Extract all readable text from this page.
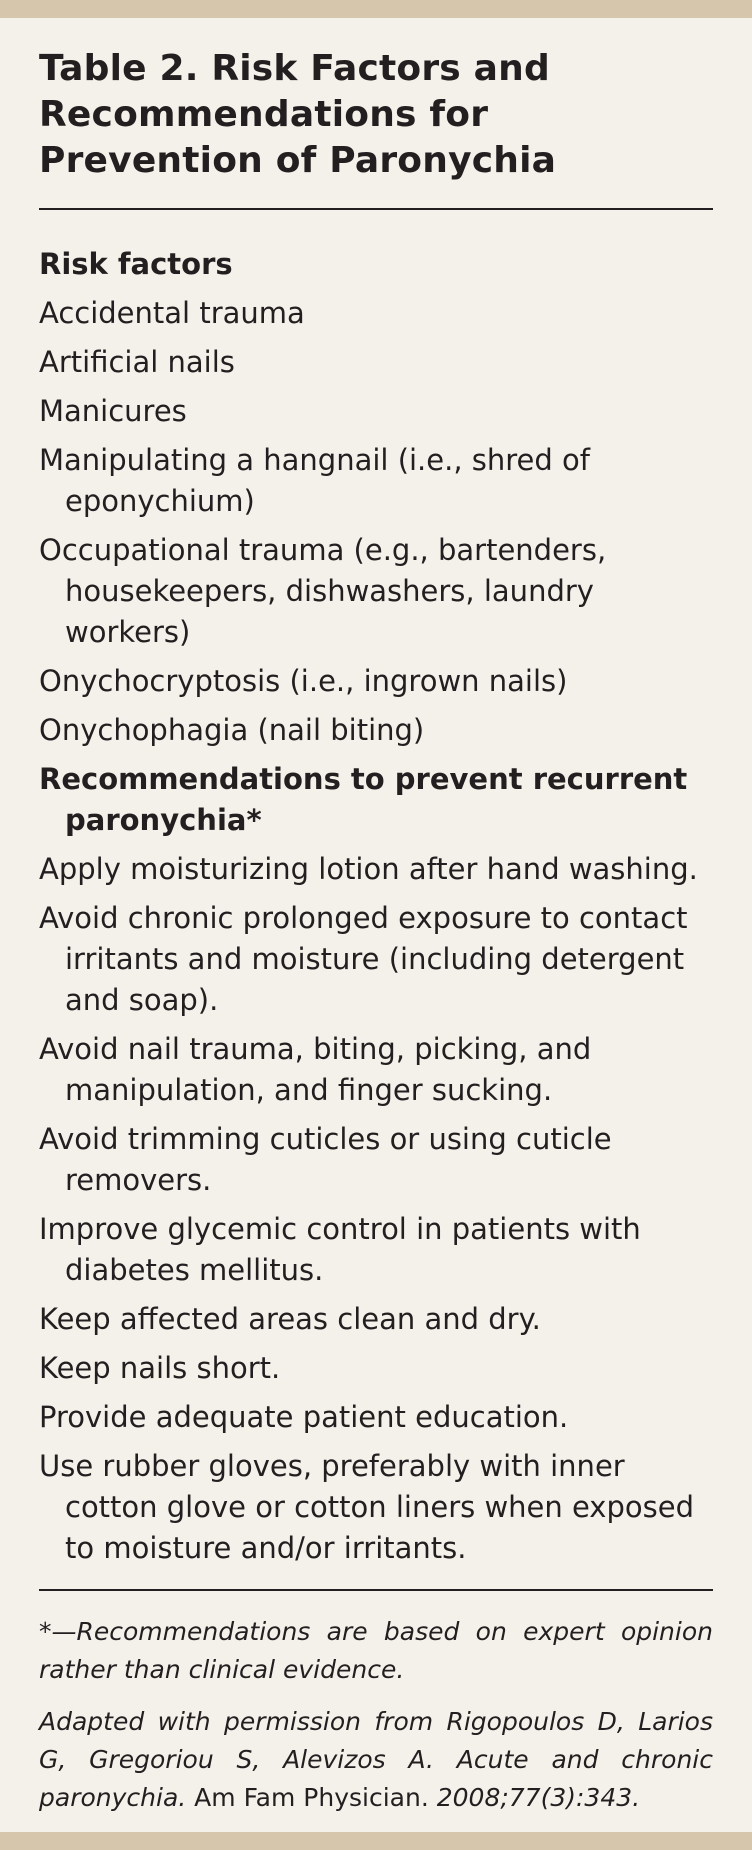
Table 2. Risk Factors and Recommendations for Prevention of Paronychia
Risk factors
Accidental trauma
Artificial nails
Manicures
Manipulating a hangnail (i.e., shred of eponychium)
Occupational trauma (e.g., bartenders, housekeepers, dishwashers, laundry workers)
Onychocryptosis (i.e., ingrown nails)
Onychophagia (nail biting)
Recommendations to prevent recurrent paronychia*
Apply moisturizing lotion after hand washing.
Avoid chronic prolonged exposure to contact irritants and moisture (including detergent and soap).
Avoid nail trauma, biting, picking, and manipulation, and finger sucking.
Avoid trimming cuticles or using cuticle removers.
Improve glycemic control in patients with diabetes mellitus.
Keep affected areas clean and dry.
Keep nails short.
Provide adequate patient education.
Use rubber gloves, preferably with inner cotton glove or cotton liners when exposed to moisture and/or irritants.
*—Recommendations are based on expert opinion rather than clinical evidence.
Adapted with permission from Rigopoulos D, Larios G, Gregoriou S, Alevizos A. Acute and chronic paronychia. Am Fam Physician. 2008;77(3):343.
